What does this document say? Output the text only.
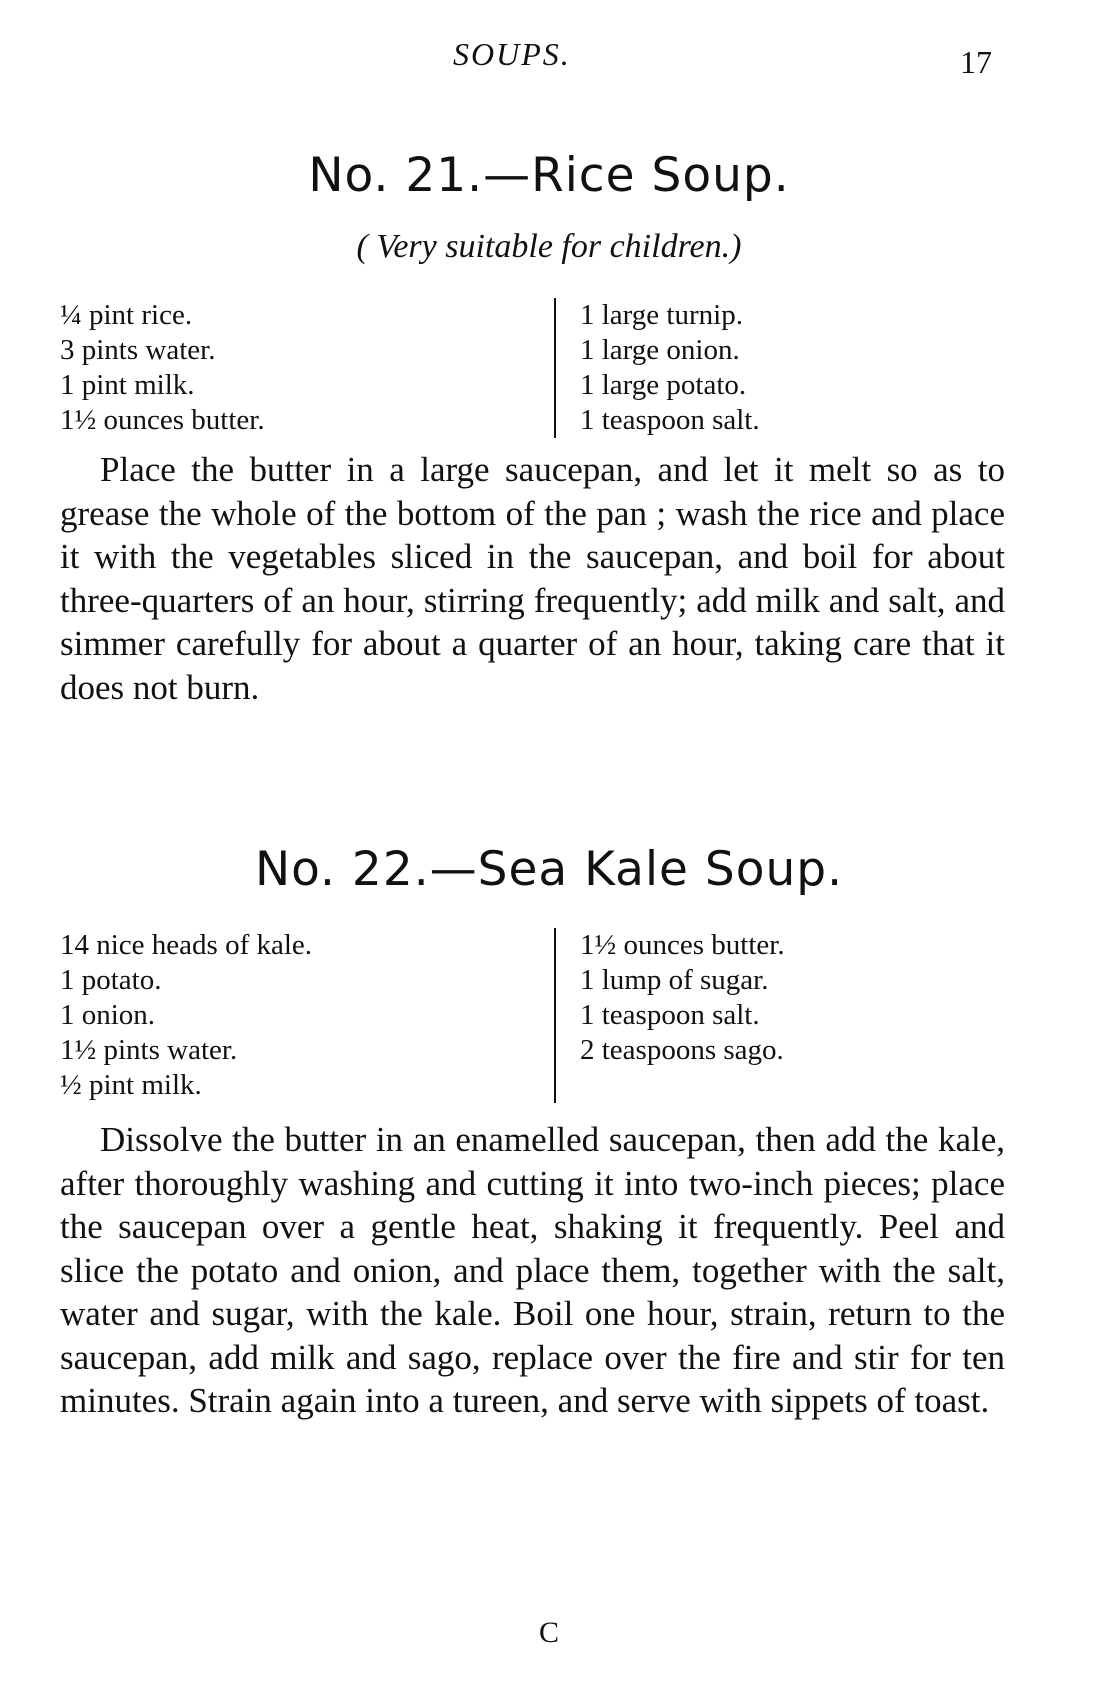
SOUPS.	17
No. 21.—Rice Soup.
( Very suitable for children.)
¼ pint rice.
3 pints water.
1 pint milk.
1½ ounces butter.
1 large turnip.
1 large onion.
1 large potato.
1 teaspoon salt.

Place the butter in a large saucepan, and let it melt so as to grease the whole of the bottom of the pan ; wash the rice and place it with the vegetables sliced in the saucepan, and boil for about three-quarters of an hour, stirring frequently; add milk and salt, and simmer carefully for about a quarter of an hour, taking care that it does not burn.

No. 22.—Sea Kale Soup.
14 nice heads of kale.
1 potato.
1 onion.
1½ pints water.
½ pint milk.
1½ ounces butter.
1 lump of sugar.
1 teaspoon salt.
2 teaspoons sago.

Dissolve the butter in an enamelled saucepan, then add the kale, after thoroughly washing and cutting it into two-inch pieces; place the saucepan over a gentle heat, shaking it frequently. Peel and slice the potato and onion, and place them, together with the salt, water and sugar, with the kale. Boil one hour, strain, return to the saucepan, add milk and sago, replace over the fire and stir for ten minutes. Strain again into a tureen, and serve with sippets of toast.

C
